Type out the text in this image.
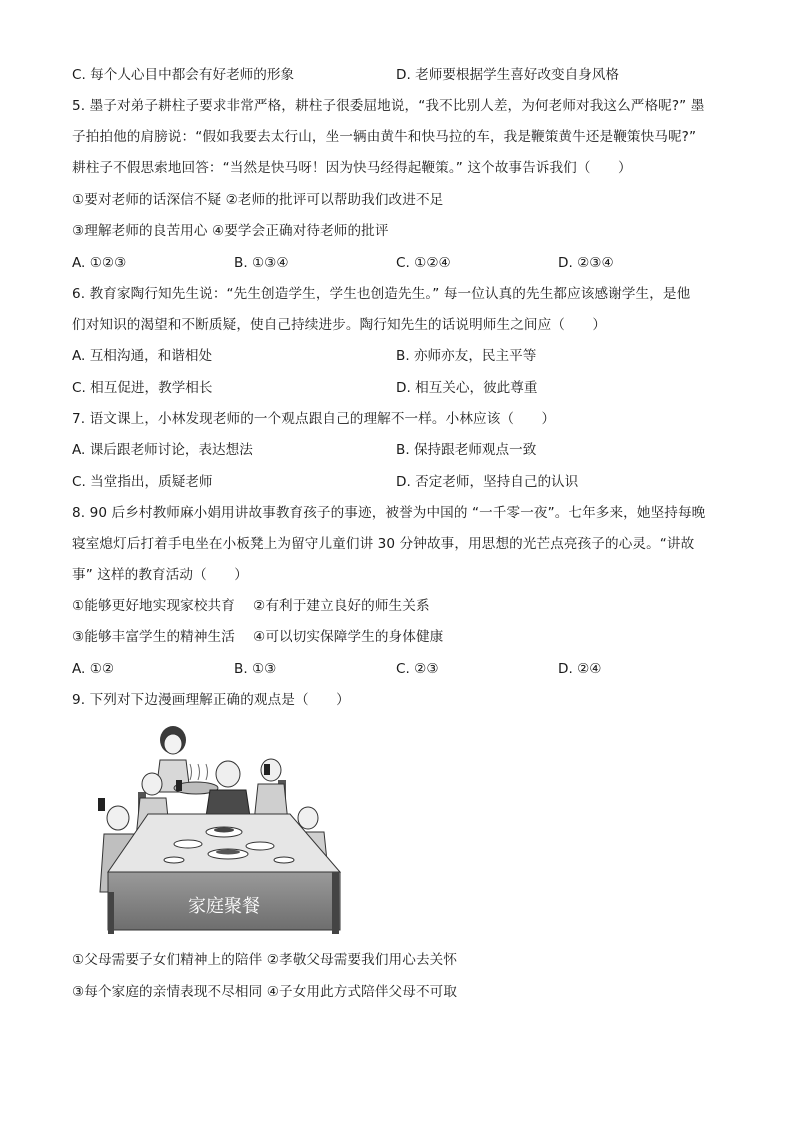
C. 每个人心目中都会有好老师的形象	D. 老师要根据学生喜好改变自身风格
5. 墨子对弟子耕柱子要求非常严格，耕柱子很委屈地说，“我不比别人差，为何老师对我这么严格呢?” 墨
子拍拍他的肩膀说：“假如我要去太行山，坐一辆由黄牛和快马拉的车，我是鞭策黄牛还是鞭策快马呢?”
耕柱子不假思索地回答：“当然是快马呀！因为快马经得起鞭策。” 这个故事告诉我们（　　）
①要对老师的话深信不疑 ②老师的批评可以帮助我们改进不足
③理解老师的良苦用心 ④要学会正确对待老师的批评
A. ①②③	B. ①③④	C. ①②④	D. ②③④
6. 教育家陶行知先生说：“先生创造学生，学生也创造先生。” 每一位认真的先生都应该感谢学生，是他
们对知识的渴望和不断质疑，使自己持续进步。陶行知先生的话说明师生之间应（　　）
A. 互相沟通，和谐相处	B. 亦师亦友，民主平等
C. 相互促进，教学相长	D. 相互关心，彼此尊重
7. 语文课上，小林发现老师的一个观点跟自己的理解不一样。小林应该（　　）
A. 课后跟老师讨论，表达想法	B. 保持跟老师观点一致
C. 当堂指出，质疑老师	D. 否定老师，坚持自己的认识
8. 90 后乡村教师麻小娟用讲故事教育孩子的事迹，被誉为中国的 “一千零一夜”。七年多来，她坚持每晚
寝室熄灯后打着手电坐在小板凳上为留守儿童们讲 30 分钟故事，用思想的光芒点亮孩子的心灵。“讲故
事” 这样的教育活动（　　）
①能够更好地实现家校共育　 ②有利于建立良好的师生关系
③能够丰富学生的精神生活　 ④可以切实保障学生的身体健康
A. ①②	B. ①③	C. ②③	D. ②④
9. 下列对下边漫画理解正确的观点是（　　）
家庭聚餐
①父母需要子女们精神上的陪伴 ②孝敬父母需要我们用心去关怀
③每个家庭的亲情表现不尽相同 ④子女用此方式陪伴父母不可取
